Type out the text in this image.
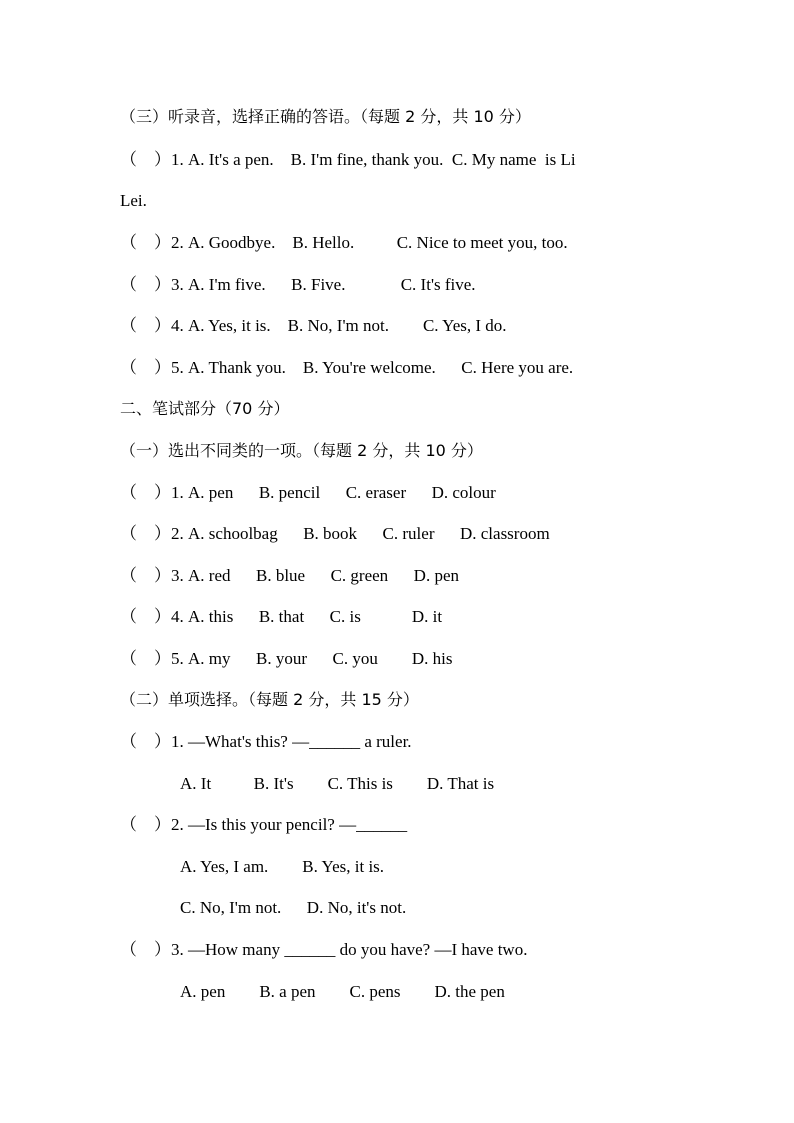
（三）听录音，选择正确的答语。（每题 2 分，共 10 分）
（    ）1. A. It's a pen.    B. I'm fine, thank you.  C. My name  is Li
Lei.
（    ）2. A. Goodbye.    B. Hello.          C. Nice to meet you, too.
（    ）3. A. I'm five.      B. Five.             C. It's five.
（    ）4. A. Yes, it is.    B. No, I'm not.        C. Yes, I do.
（    ）5. A. Thank you.    B. You're welcome.      C. Here you are.
二、笔试部分（70 分）
（一）选出不同类的一项。（每题 2 分，共 10 分）
（    ）1. A. pen      B. pencil      C. eraser      D. colour
（    ）2. A. schoolbag      B. book      C. ruler      D. classroom
（    ）3. A. red      B. blue      C. green      D. pen
（    ）4. A. this      B. that      C. is            D. it
（    ）5. A. my      B. your      C. you        D. his
（二）单项选择。（每题 2 分，共 15 分）
（    ）1. —What's this? —______ a ruler.
A. It          B. It's        C. This is        D. That is
（    ）2. —Is this your pencil? —______
A. Yes, I am.        B. Yes, it is.
C. No, I'm not.      D. No, it's not.
（    ）3. —How many ______ do you have? —I have two.
A. pen        B. a pen        C. pens        D. the pen
